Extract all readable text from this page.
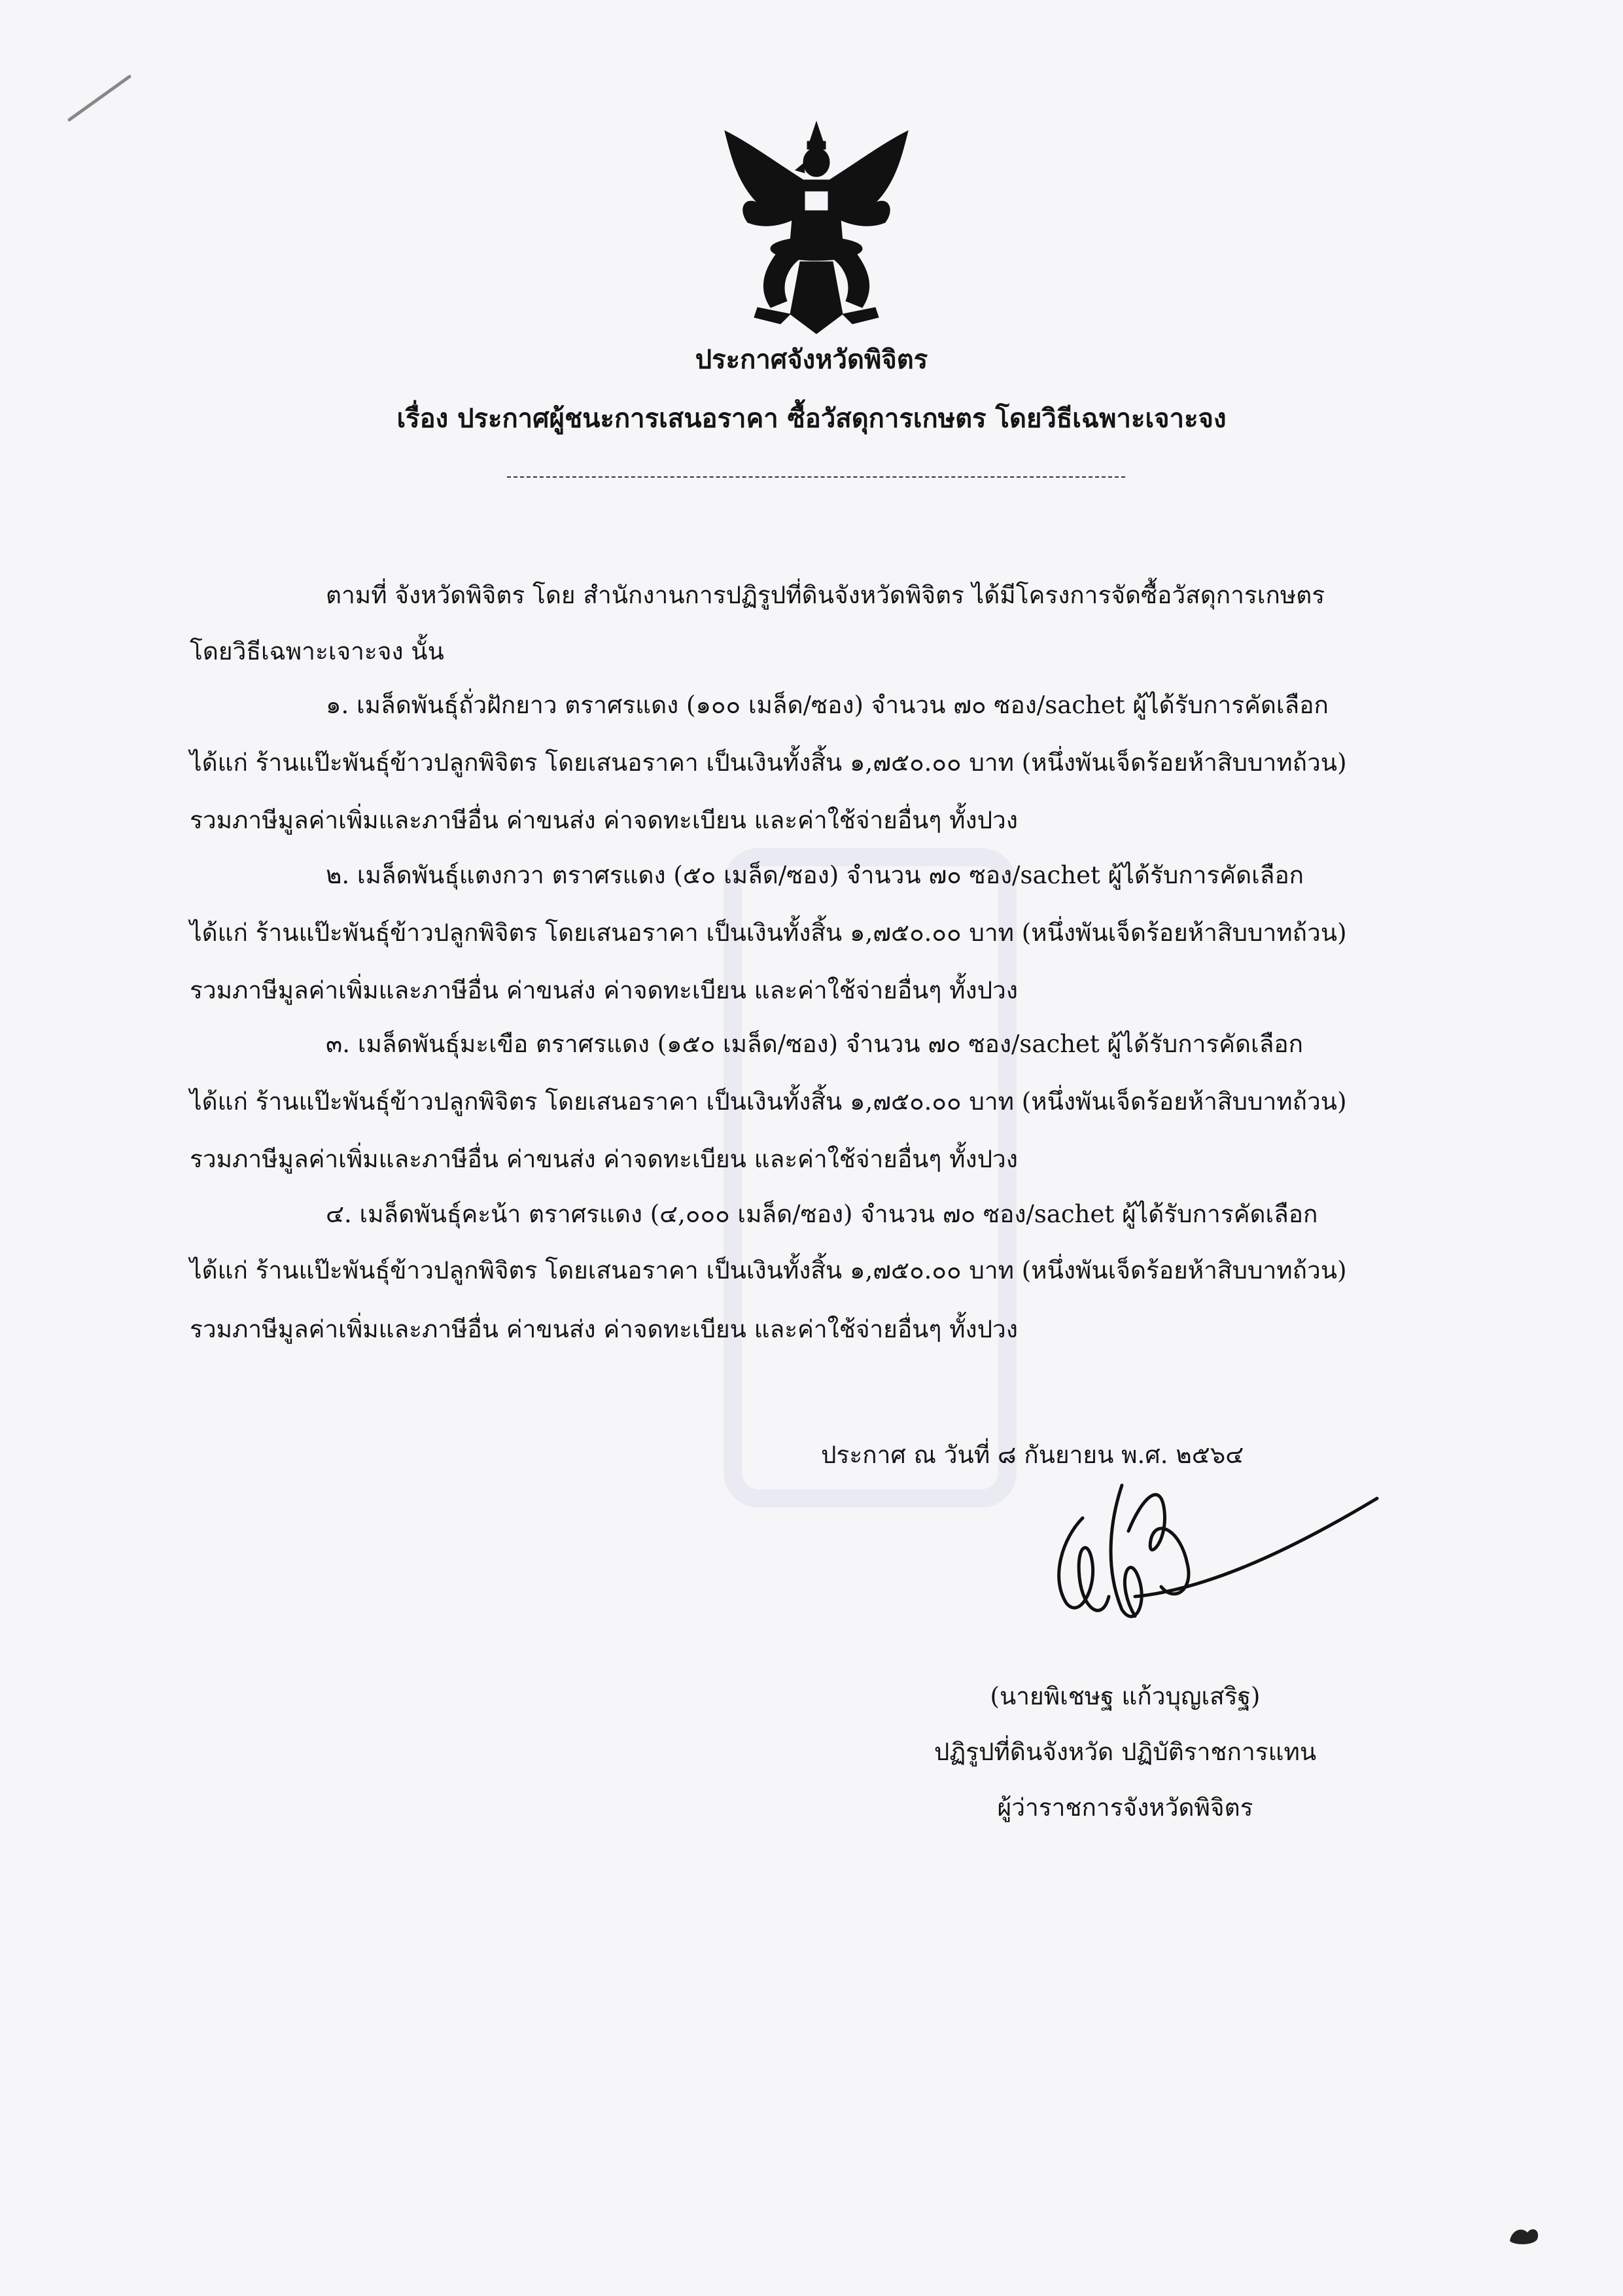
ประกาศจังหวัดพิจิตร
เรื่อง ประกาศผู้ชนะการเสนอราคา ซื้อวัสดุการเกษตร โดยวิธีเฉพาะเจาะจง
ตามที่ จังหวัดพิจิตร โดย สำนักงานการปฏิรูปที่ดินจังหวัดพิจิตร ได้มีโครงการจัดซื้อวัสดุการเกษตร
โดยวิธีเฉพาะเจาะจง นั้น
๑. เมล็ดพันธุ์ถั่วฝักยาว ตราศรแดง (๑๐๐ เมล็ด/ซอง) จำนวน ๗๐ ซอง/sachet ผู้ได้รับการคัดเลือก
ได้แก่ ร้านแป๊ะพันธุ์ข้าวปลูกพิจิตร โดยเสนอราคา เป็นเงินทั้งสิ้น ๑,๗๕๐.๐๐ บาท (หนึ่งพันเจ็ดร้อยห้าสิบบาทถ้วน)
รวมภาษีมูลค่าเพิ่มและภาษีอื่น ค่าขนส่ง ค่าจดทะเบียน และค่าใช้จ่ายอื่นๆ ทั้งปวง
๒. เมล็ดพันธุ์แตงกวา ตราศรแดง (๕๐ เมล็ด/ซอง) จำนวน ๗๐ ซอง/sachet ผู้ได้รับการคัดเลือก
ได้แก่ ร้านแป๊ะพันธุ์ข้าวปลูกพิจิตร โดยเสนอราคา เป็นเงินทั้งสิ้น ๑,๗๕๐.๐๐ บาท (หนึ่งพันเจ็ดร้อยห้าสิบบาทถ้วน)
รวมภาษีมูลค่าเพิ่มและภาษีอื่น ค่าขนส่ง ค่าจดทะเบียน และค่าใช้จ่ายอื่นๆ ทั้งปวง
๓. เมล็ดพันธุ์มะเขือ ตราศรแดง (๑๕๐ เมล็ด/ซอง) จำนวน ๗๐ ซอง/sachet ผู้ได้รับการคัดเลือก
ได้แก่ ร้านแป๊ะพันธุ์ข้าวปลูกพิจิตร โดยเสนอราคา เป็นเงินทั้งสิ้น ๑,๗๕๐.๐๐ บาท (หนึ่งพันเจ็ดร้อยห้าสิบบาทถ้วน)
รวมภาษีมูลค่าเพิ่มและภาษีอื่น ค่าขนส่ง ค่าจดทะเบียน และค่าใช้จ่ายอื่นๆ ทั้งปวง
๔. เมล็ดพันธุ์คะน้า ตราศรแดง (๔,๐๐๐ เมล็ด/ซอง) จำนวน ๗๐ ซอง/sachet ผู้ได้รับการคัดเลือก
ได้แก่ ร้านแป๊ะพันธุ์ข้าวปลูกพิจิตร โดยเสนอราคา เป็นเงินทั้งสิ้น ๑,๗๕๐.๐๐ บาท (หนึ่งพันเจ็ดร้อยห้าสิบบาทถ้วน)
รวมภาษีมูลค่าเพิ่มและภาษีอื่น ค่าขนส่ง ค่าจดทะเบียน และค่าใช้จ่ายอื่นๆ ทั้งปวง
ประกาศ ณ วันที่ ๘ กันยายน พ.ศ. ๒๕๖๔
(นายพิเชษฐ แก้วบุญเสริฐ)
ปฏิรูปที่ดินจังหวัด ปฏิบัติราชการแทน
ผู้ว่าราชการจังหวัดพิจิตร
